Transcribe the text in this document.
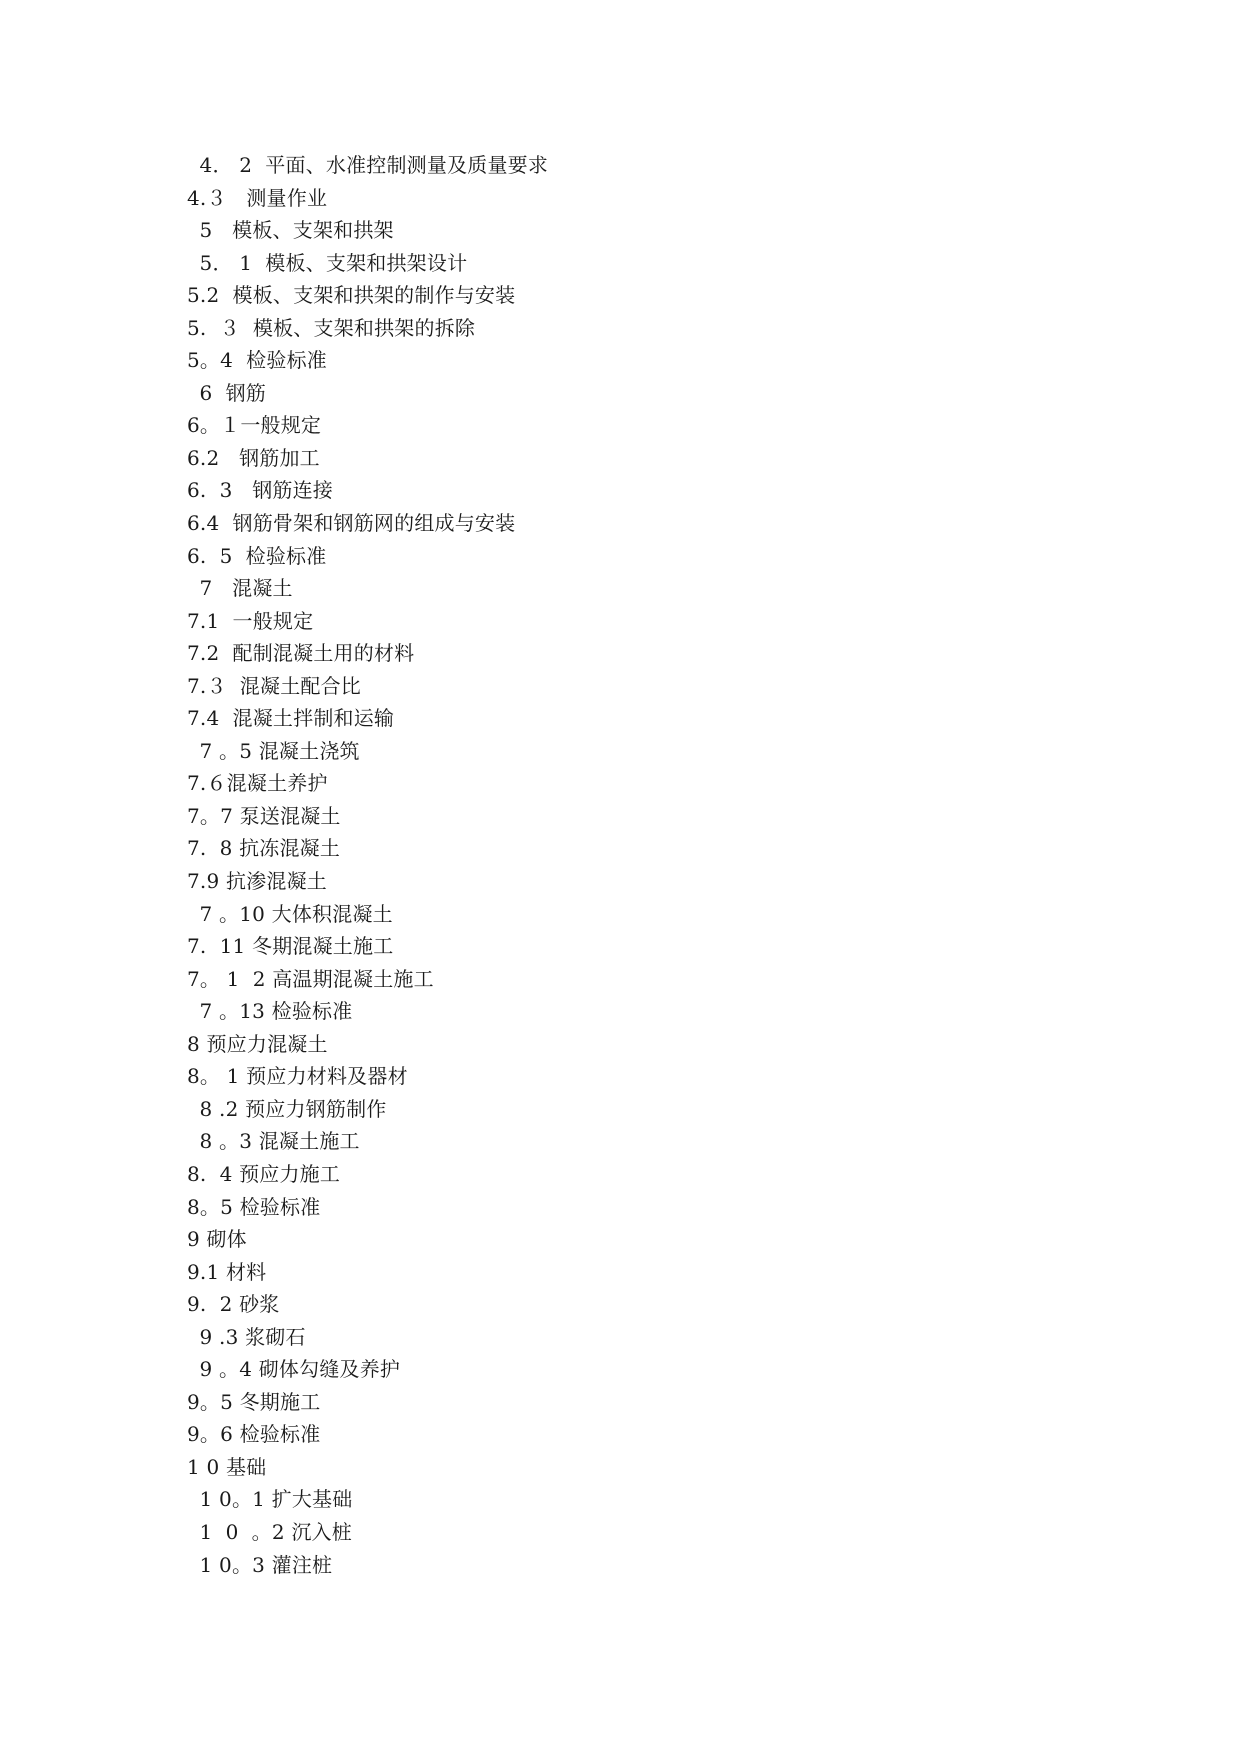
4． 2  平面、水准控制测量及质量要求
4.３   测量作业
5   模板、支架和拱架
5． 1  模板、支架和拱架设计
5.2  模板、支架和拱架的制作与安装
5.  ３  模板、支架和拱架的拆除
5。4  检验标准
6  钢筋
6。１一般规定
6.2   钢筋加工
6.  3   钢筋连接
6.4  钢筋骨架和钢筋网的组成与安装
6.  5  检验标准
7   混凝土
7.1  一般规定
7.2  配制混凝土用的材料
7.３  混凝土配合比
7.4  混凝土拌制和运输
7 。5 混凝土浇筑
7.６混凝土养护
7。7 泵送混凝土
7.  8 抗冻混凝土
7.9 抗渗混凝土
7 。10 大体积混凝土
7.  11 冬期混凝土施工
7。 1  2 高温期混凝土施工
7 。13 检验标准
8 预应力混凝土
8。 1 预应力材料及器材
8 .2 预应力钢筋制作
8 。3 混凝土施工
8.  4 预应力施工
8。5 检验标准
9 砌体
9.1 材料
9.  2 砂浆
9 .3 浆砌石
9 。4 砌体勾缝及养护
9。5 冬期施工
9。6 检验标准
1 0 基础
1 0。1 扩大基础
1  0  。2 沉入桩
1 0。3 灌注桩
